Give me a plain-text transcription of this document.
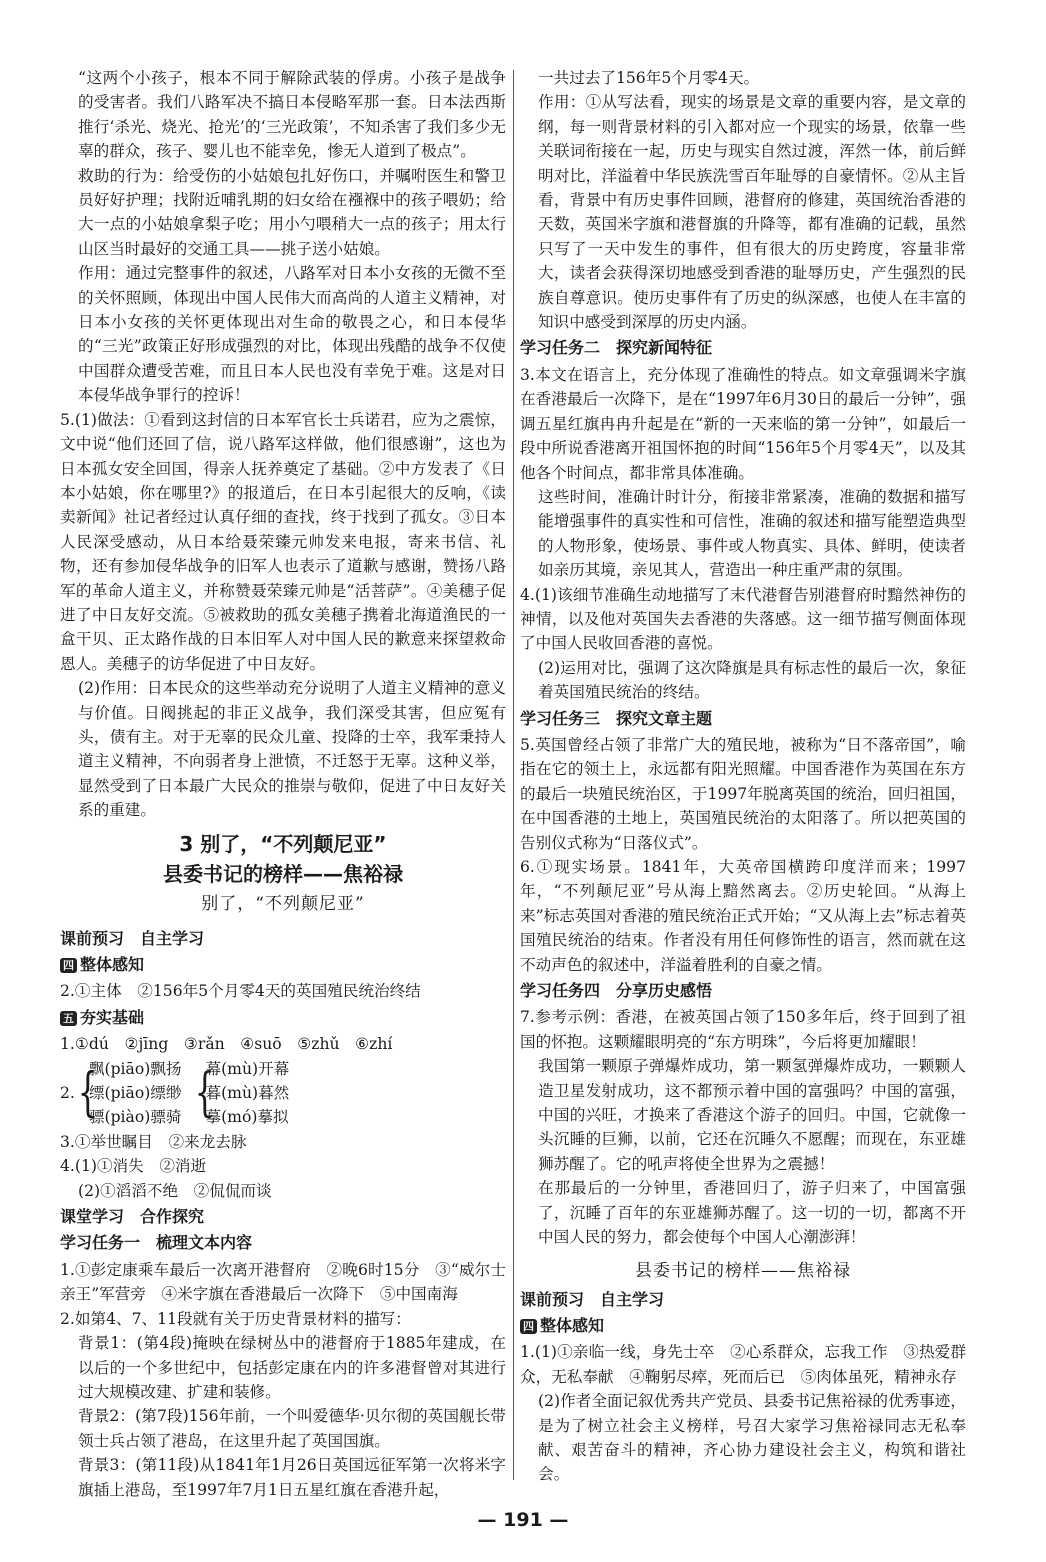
“这两个小孩子，根本不同于解除武装的俘虏。小孩子是战争的受害者。我们八路军决不搞日本侵略军那一套。日本法西斯推行‘杀光、烧光、抢光’的‘三光政策’，不知杀害了我们多少无辜的群众，孩子、婴儿也不能幸免，惨无人道到了极点”。

救助的行为：给受伤的小姑娘包扎好伤口，并嘱咐医生和警卫员好好护理；找附近哺乳期的妇女给在襁褓中的孩子喂奶；给大一点的小姑娘拿梨子吃；用小勺喂稍大一点的孩子；用太行山区当时最好的交通工具——挑子送小姑娘。

作用：通过完整事件的叙述，八路军对日本小女孩的无微不至的关怀照顾，体现出中国人民伟大而高尚的人道主义精神，对日本小女孩的关怀更体现出对生命的敬畏之心，和日本侵华的“三光”政策正好形成强烈的对比，体现出残酷的战争不仅使中国群众遭受苦难，而且日本人民也没有幸免于难。这是对日本侵华战争罪行的控诉！

5.(1)做法：①看到这封信的日本军官长士兵诺君，应为之震惊，文中说“他们还回了信，说八路军这样做，他们很感谢”，这也为日本孤女安全回国，得亲人抚养奠定了基础。②中方发表了《日本小姑娘，你在哪里?》的报道后，在日本引起很大的反响，《读卖新闻》社记者经过认真仔细的查找，终于找到了孤女。③日本人民深受感动，从日本给聂荣臻元帅发来电报，寄来书信、礼物，还有参加侵华战争的旧军人也表示了道歉与感谢，赞扬八路军的革命人道主义，并称赞聂荣臻元帅是“活菩萨”。④美穗子促进了中日友好交流。⑤被救助的孤女美穗子携着北海道渔民的一盒干贝、正太路作战的日本旧军人对中国人民的歉意来探望救命恩人。美穗子的访华促进了中日友好。

(2)作用：日本民众的这些举动充分说明了人道主义精神的意义与价值。日阀挑起的非正义战争，我们深受其害，但应冤有头，债有主。对于无辜的民众儿童、投降的士卒，我军秉持人道主义精神，不向弱者身上泄愤，不迁怒于无辜。这种义举，显然受到了日本最广大民众的推崇与敬仰，促进了中日友好关系的重建。

3 别了，“不列颠尼亚”
县委书记的榜样——焦裕禄
别了，“不列颠尼亚”
课前预习　自主学习
四 整体感知

2.①主体　②156年5个月零4天的英国殖民统治终结

五 夯实基础

1.①dú　②jīng　③rǎn　④suō　⑤zhǔ　⑥zhí

2. {
飘(piāo)飘扬
缥(piāo)缥缈
骠(piào)骠骑 {
幕(mù)开幕
暮(mù)暮然
摹(mó)摹拟

3.①举世瞩目　②来龙去脉

4.(1)①消失　②消逝

(2)①滔滔不绝　②侃侃而谈

课堂学习　合作探究
学习任务一　梳理文本内容

1.①彭定康乘车最后一次离开港督府　②晚6时15分　③“威尔士亲王”军营旁　④米字旗在香港最后一次降下　⑤中国南海

2.如第4、7、11段就有关于历史背景材料的描写：

背景1：(第4段)掩映在绿树丛中的港督府于1885年建成，在以后的一个多世纪中，包括彭定康在内的许多港督曾对其进行过大规模改建、扩建和装修。

背景2：(第7段)156年前，一个叫爱德华·贝尔彻的英国舰长带领士兵占领了港岛，在这里升起了英国国旗。

背景3：(第11段)从1841年1月26日英国远征军第一次将米字旗插上港岛，至1997年7月1日五星红旗在香港升起，

一共过去了156年5个月零4天。

作用：①从写法看，现实的场景是文章的重要内容，是文章的纲，每一则背景材料的引入都对应一个现实的场景，依靠一些关联词衔接在一起，历史与现实自然过渡，浑然一体，前后鲜明对比，洋溢着中华民族洗雪百年耻辱的自豪情怀。②从主旨看，背景中有历史事件回顾，港督府的修建，英国统治香港的天数，英国米字旗和港督旗的升降等，都有准确的记载，虽然只写了一天中发生的事件，但有很大的历史跨度，容量非常大，读者会获得深切地感受到香港的耻辱历史，产生强烈的民族自尊意识。使历史事件有了历史的纵深感，也使人在丰富的知识中感受到深厚的历史内涵。

学习任务二　探究新闻特征

3.本文在语言上，充分体现了准确性的特点。如文章强调米字旗在香港最后一次降下，是在“1997年6月30日的最后一分钟”，强调五星红旗冉冉升起是在“新的一天来临的第一分钟”，如最后一段中所说香港离开祖国怀抱的时间“156年5个月零4天”，以及其他各个时间点，都非常具体准确。

这些时间，准确计时计分，衔接非常紧凑，准确的数据和描写能增强事件的真实性和可信性，准确的叙述和描写能塑造典型的人物形象，使场景、事件或人物真实、具体、鲜明，使读者如亲历其境，亲见其人，营造出一种庄重严肃的氛围。

4.(1)该细节准确生动地描写了末代港督告别港督府时黯然神伤的神情，以及他对英国失去香港的失落感。这一细节描写侧面体现了中国人民收回香港的喜悦。

(2)运用对比，强调了这次降旗是具有标志性的最后一次，象征着英国殖民统治的终结。

学习任务三　探究文章主题

5.英国曾经占领了非常广大的殖民地，被称为“日不落帝国”，喻指在它的领土上，永远都有阳光照耀。中国香港作为英国在东方的最后一块殖民统治区，于1997年脱离英国的统治，回归祖国，在中国香港的土地上，英国殖民统治的太阳落了。所以把英国的告别仪式称为“日落仪式”。

6.①现实场景。1841年，大英帝国横跨印度洋而来；1997年，“不列颠尼亚”号从海上黯然离去。②历史轮回。“从海上来”标志英国对香港的殖民统治正式开始；“又从海上去”标志着英国殖民统治的结束。作者没有用任何修饰性的语言，然而就在这不动声色的叙述中，洋溢着胜利的自豪之情。

学习任务四　分享历史感悟

7.参考示例：香港，在被英国占领了150多年后，终于回到了祖国的怀抱。这颗耀眼明亮的“东方明珠”，今后将更加耀眼！

我国第一颗原子弹爆炸成功，第一颗氢弹爆炸成功，一颗颗人造卫星发射成功，这不都预示着中国的富强吗？中国的富强，中国的兴旺，才换来了香港这个游子的回归。中国，它就像一头沉睡的巨狮，以前，它还在沉睡久不愿醒；而现在，东亚雄狮苏醒了。它的吼声将使全世界为之震撼！

在那最后的一分钟里，香港回归了，游子归来了，中国富强了，沉睡了百年的东亚雄狮苏醒了。这一切的一切，都离不开中国人民的努力，都会使每个中国人心潮澎湃！

县委书记的榜样——焦裕禄
课前预习　自主学习
四 整体感知

1.(1)①亲临一线，身先士卒　②心系群众，忘我工作　③热爱群众，无私奉献　④鞠躬尽瘁，死而后已　⑤肉体虽死，精神永存

(2)作者全面记叙优秀共产党员、县委书记焦裕禄的优秀事迹，是为了树立社会主义榜样，号召大家学习焦裕禄同志无私奉献、艰苦奋斗的精神，齐心协力建设社会主义，构筑和谐社会。

— 191 —
